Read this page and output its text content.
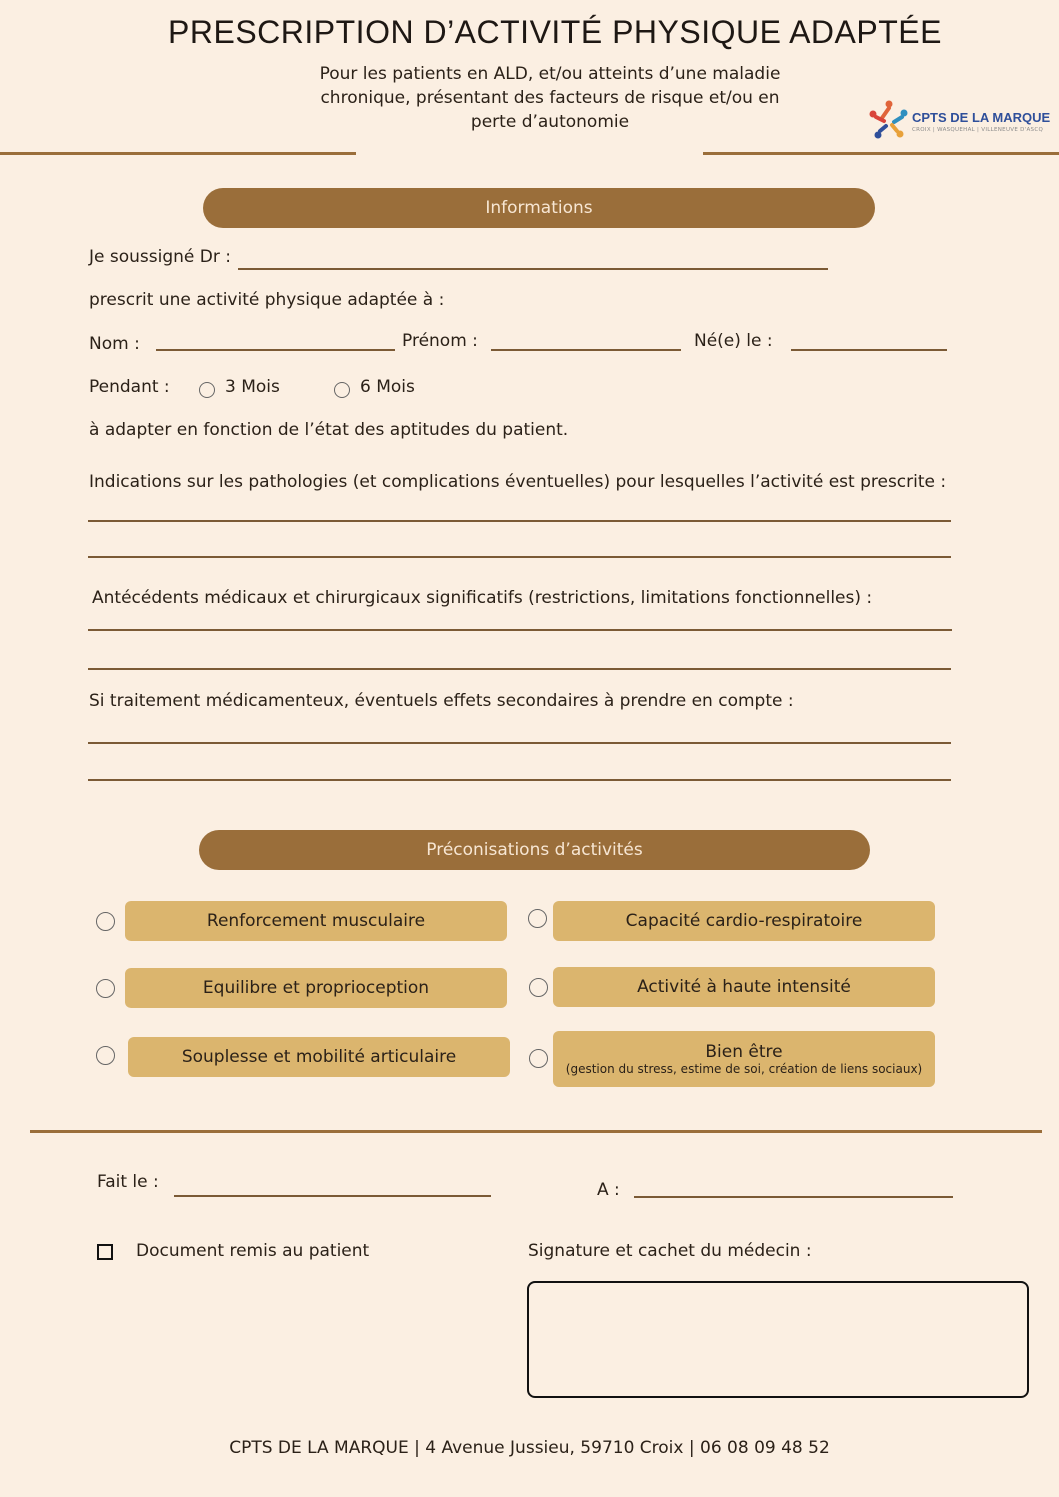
PRESCRIPTION D’ACTIVITÉ PHYSIQUE ADAPTÉE
Pour les patients en ALD, et/ou atteints d’une maladie
chronique, présentant des facteurs de risque et/ou en
perte d’autonomie	CPTS DE LA MARQUE
CROIX | WASQUEHAL | VILLENEUVE D'ASCQ
Informations
Je soussigné Dr :
prescrit une activité physique adaptée à :
Nom :	Prénom :	Né(e) le :
Pendant :	3 Mois	6 Mois
à adapter en fonction de l’état des aptitudes du patient.
Indications sur les pathologies (et complications éventuelles) pour lesquelles l’activité est prescrite :
Antécédents médicaux et chirurgicaux significatifs (restrictions, limitations fonctionnelles) :
Si traitement médicamenteux, éventuels effets secondaires à prendre en compte :
Préconisations d’activités
Renforcement musculaire	Capacité cardio-respiratoire
Equilibre et proprioception	Activité à haute intensité
Souplesse et mobilité articulaire	Bien être
(gestion du stress, estime de soi, création de liens sociaux)
Fait le :	A :
Document remis au patient	Signature et cachet du médecin :
CPTS DE LA MARQUE | 4 Avenue Jussieu, 59710 Croix | 06 08 09 48 52
